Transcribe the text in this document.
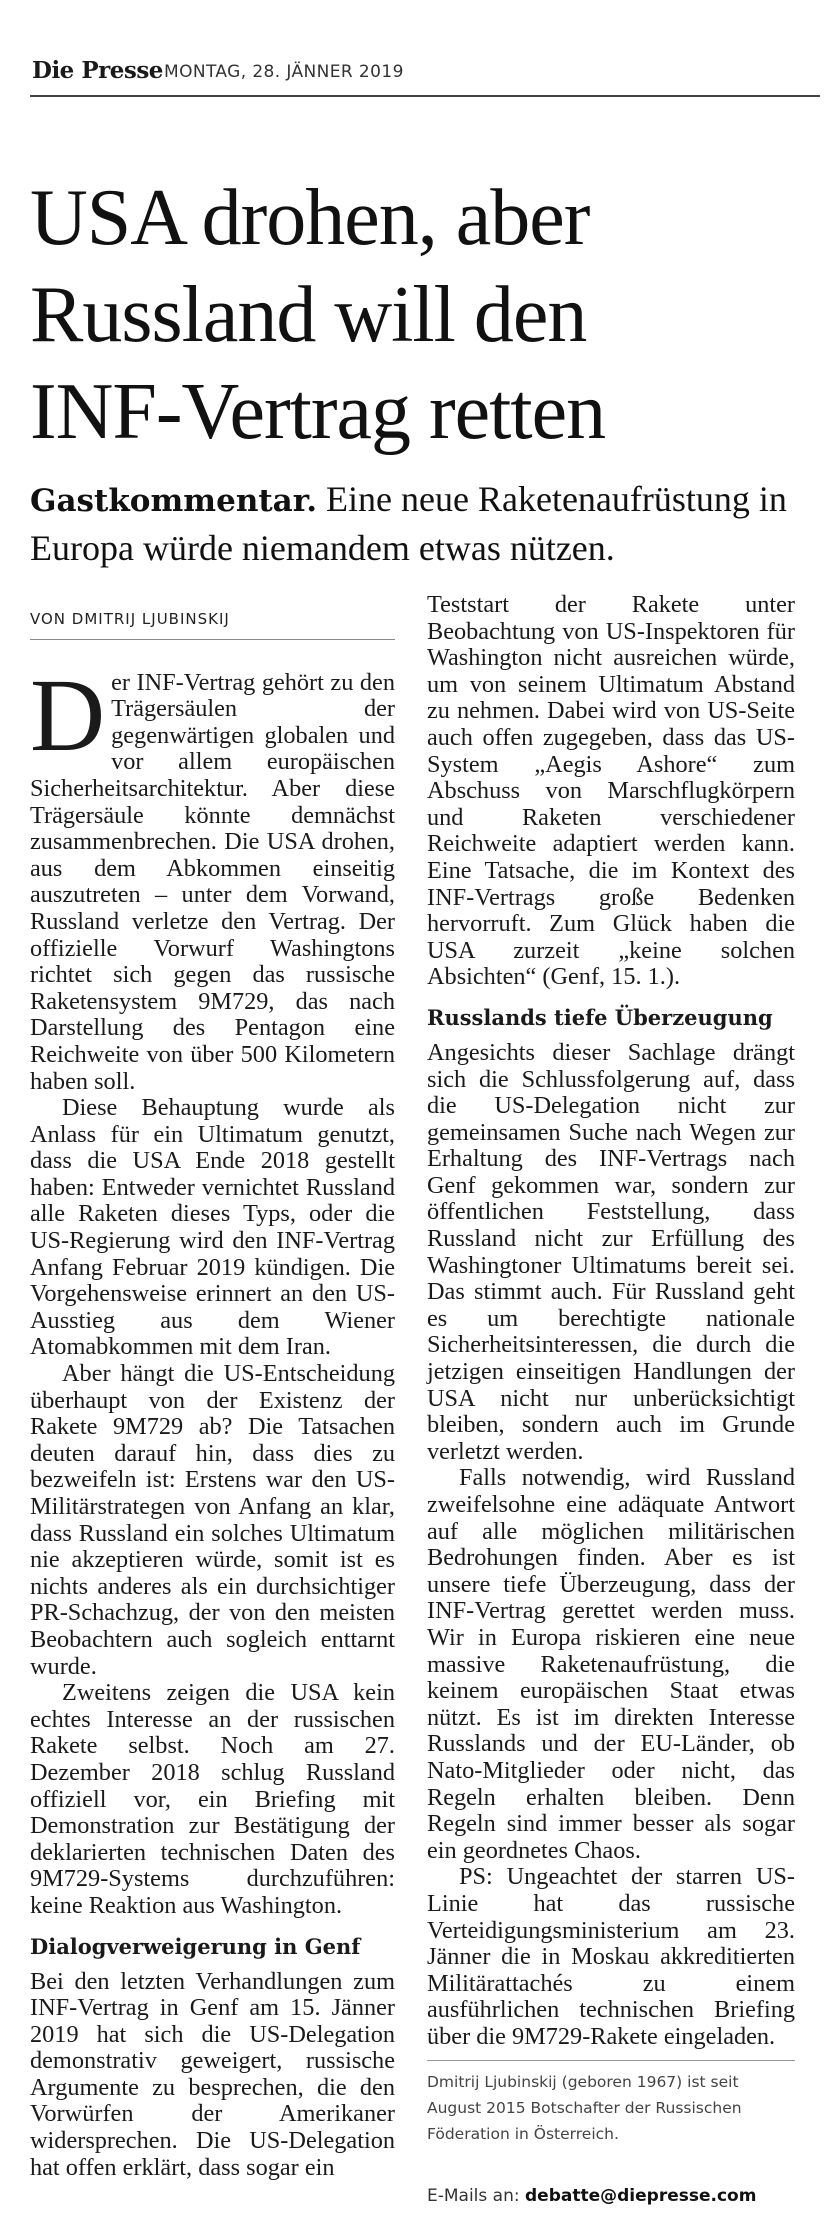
Die Presse MONTAG, 28. JÄNNER 2019
USA drohen, aber
Russland will den
INF-Vertrag retten
Gastkommentar. Eine neue Raketenaufrüstung in Europa würde niemandem etwas nützen.
VON DMITRIJ LJUBINSKIJ

Der INF-Vertrag gehört zu den Trägersäulen der gegenwärtigen globalen und vor allem europäischen Sicherheitsarchitektur. Aber diese Trägersäule könnte demnächst zusammenbrechen. Die USA drohen, aus dem Abkommen einseitig auszutreten – unter dem Vorwand, Russland verletze den Vertrag. Der offizielle Vorwurf Washingtons richtet sich gegen das russische Raketensystem 9M729, das nach Darstellung des Pentagon eine Reichweite von über 500 Kilometern haben soll.

Diese Behauptung wurde als Anlass für ein Ultimatum genutzt, dass die USA Ende 2018 gestellt haben: Entweder vernichtet Russland alle Raketen dieses Typs, oder die US-Regierung wird den INF-Vertrag Anfang Februar 2019 kündigen. Die Vorgehensweise erinnert an den US-Ausstieg aus dem Wiener Atomabkommen mit dem Iran.

Aber hängt die US-Entscheidung überhaupt von der Existenz der Rakete 9M729 ab? Die Tatsachen deuten darauf hin, dass dies zu bezweifeln ist: Erstens war den US-Militärstrategen von Anfang an klar, dass Russland ein solches Ultimatum nie akzeptieren würde, somit ist es nichts anderes als ein durchsichtiger PR-Schachzug, der von den meisten Beobachtern auch sogleich enttarnt wurde.

Zweitens zeigen die USA kein echtes Interesse an der russischen Rakete selbst. Noch am 27. Dezember 2018 schlug Russland offiziell vor, ein Briefing mit Demonstration zur Bestätigung der deklarierten technischen Daten des 9M729-Systems durchzuführen: keine Reaktion aus Washington.

Dialogverweigerung in Genf

Bei den letzten Verhandlungen zum INF-Vertrag in Genf am 15. Jänner 2019 hat sich die US-Delegation demonstrativ geweigert, russische Argumente zu besprechen, die den Vorwürfen der Amerikaner widersprechen. Die US-Delegation hat offen erklärt, dass sogar ein

Teststart der Rakete unter Beobachtung von US-Inspektoren für Washington nicht ausreichen würde, um von seinem Ultimatum Abstand zu nehmen. Dabei wird von US-Seite auch offen zugegeben, dass das US-System „Aegis Ashore“ zum Abschuss von Marschflugkörpern und Raketen verschiedener Reichweite adaptiert werden kann. Eine Tatsache, die im Kontext des INF-Vertrags große Bedenken hervorruft. Zum Glück haben die USA zurzeit „keine solchen Absichten“ (Genf, 15. 1.).

Russlands tiefe Überzeugung

Angesichts dieser Sachlage drängt sich die Schlussfolgerung auf, dass die US-Delegation nicht zur gemeinsamen Suche nach Wegen zur Erhaltung des INF-Vertrags nach Genf gekommen war, sondern zur öffentlichen Feststellung, dass Russland nicht zur Erfüllung des Washingtoner Ultimatums bereit sei. Das stimmt auch. Für Russland geht es um berechtigte nationale Sicherheitsinteressen, die durch die jetzigen einseitigen Handlungen der USA nicht nur unberücksichtigt bleiben, sondern auch im Grunde verletzt werden.

Falls notwendig, wird Russland zweifelsohne eine adäquate Antwort auf alle möglichen militärischen Bedrohungen finden. Aber es ist unsere tiefe Überzeugung, dass der INF-Vertrag gerettet werden muss. Wir in Europa riskieren eine neue massive Raketenaufrüstung, die keinem europäischen Staat etwas nützt. Es ist im direkten Interesse Russlands und der EU-Länder, ob Nato-Mitglieder oder nicht, das Regeln erhalten bleiben. Denn Regeln sind immer besser als sogar ein geordnetes Chaos.

PS: Ungeachtet der starren US-Linie hat das russische Verteidigungsministerium am 23. Jänner die in Moskau akkreditierten Militärattachés zu einem ausführlichen technischen Briefing über die 9M729-Rakete eingeladen.

Dmitrij Ljubinskij (geboren 1967) ist seit August 2015 Botschafter der Russischen Föderation in Österreich.
E-Mails an: debatte@diepresse.com
